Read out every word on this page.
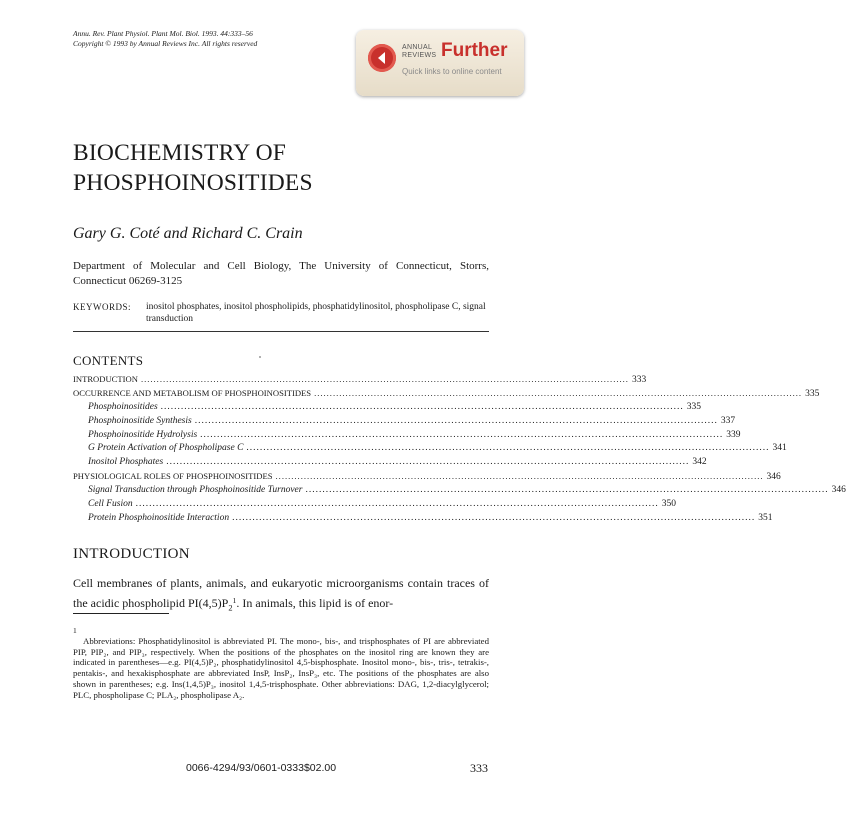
Annu. Rev. Plant Physiol. Plant Mol. Biol. 1993. 44:333–56
Copyright © 1993 by Annual Reviews Inc. All rights reserved	ANNUAL
REVIEWS Further
Quick links to online content
BIOCHEMISTRY OF
PHOSPHOINOSITIDES
Gary G. Coté and Richard C. Crain
Department of Molecular and Cell Biology, The University of Connecticut, Storrs, Connecticut 06269-3125
KEYWORDS: inositol phosphates, inositol phospholipids, phosphatidylinositol, phospholipase C, signal transduction
CONTENTS
INTRODUCTION ........................................................................................................................................................... 333
OCCURRENCE AND METABOLISM OF PHOSPHOINOSITIDES ........................................................................................................................................................... 335
Phosphoinositides ........................................................................................................................................................... 335
Phosphoinositide Synthesis ........................................................................................................................................................... 337
Phosphoinositide Hydrolysis ........................................................................................................................................................... 339
G Protein Activation of Phospholipase C ........................................................................................................................................................... 341
Inositol Phosphates ........................................................................................................................................................... 342
PHYSIOLOGICAL ROLES OF PHOSPHOINOSITIDES ........................................................................................................................................................... 346
Signal Transduction through Phosphoinositide Turnover ........................................................................................................................................................... 346
Cell Fusion ........................................................................................................................................................... 350
Protein Phosphoinositide Interaction ........................................................................................................................................................... 351
INTRODUCTION
Cell membranes of plants, animals, and eukaryotic microorganisms contain traces of the acidic phospholipid $PI(4,5)P_2^1$. In animals, this lipid is of enor-
1
Abbreviations: Phosphatidylinositol is abbreviated PI. The mono-, bis-, and trisphosphates of PI are abbreviated PIP, PIP₂, and PIP₃, respectively. When the positions of the phosphates on the inositol ring are known they are indicated in parentheses—e.g. PI(4,5)P₂, phosphatidylinositol 4,5-bisphosphate. Inositol mono-, bis-, tris-, tetrakis-, pentakis-, and hexakisphosphate are abbreviated InsP, InsP₂, InsP₃, etc. The positions of the phosphates are also shown in parentheses; e.g. Ins(1,4,5)P₃, inositol 1,4,5-trisphosphate. Other abbreviations: DAG, 1,2-diacylglycerol; PLC, phospholipase C; PLA₂, phospholipase A₂.
0066-4294/93/0601-0333$02.00	333
